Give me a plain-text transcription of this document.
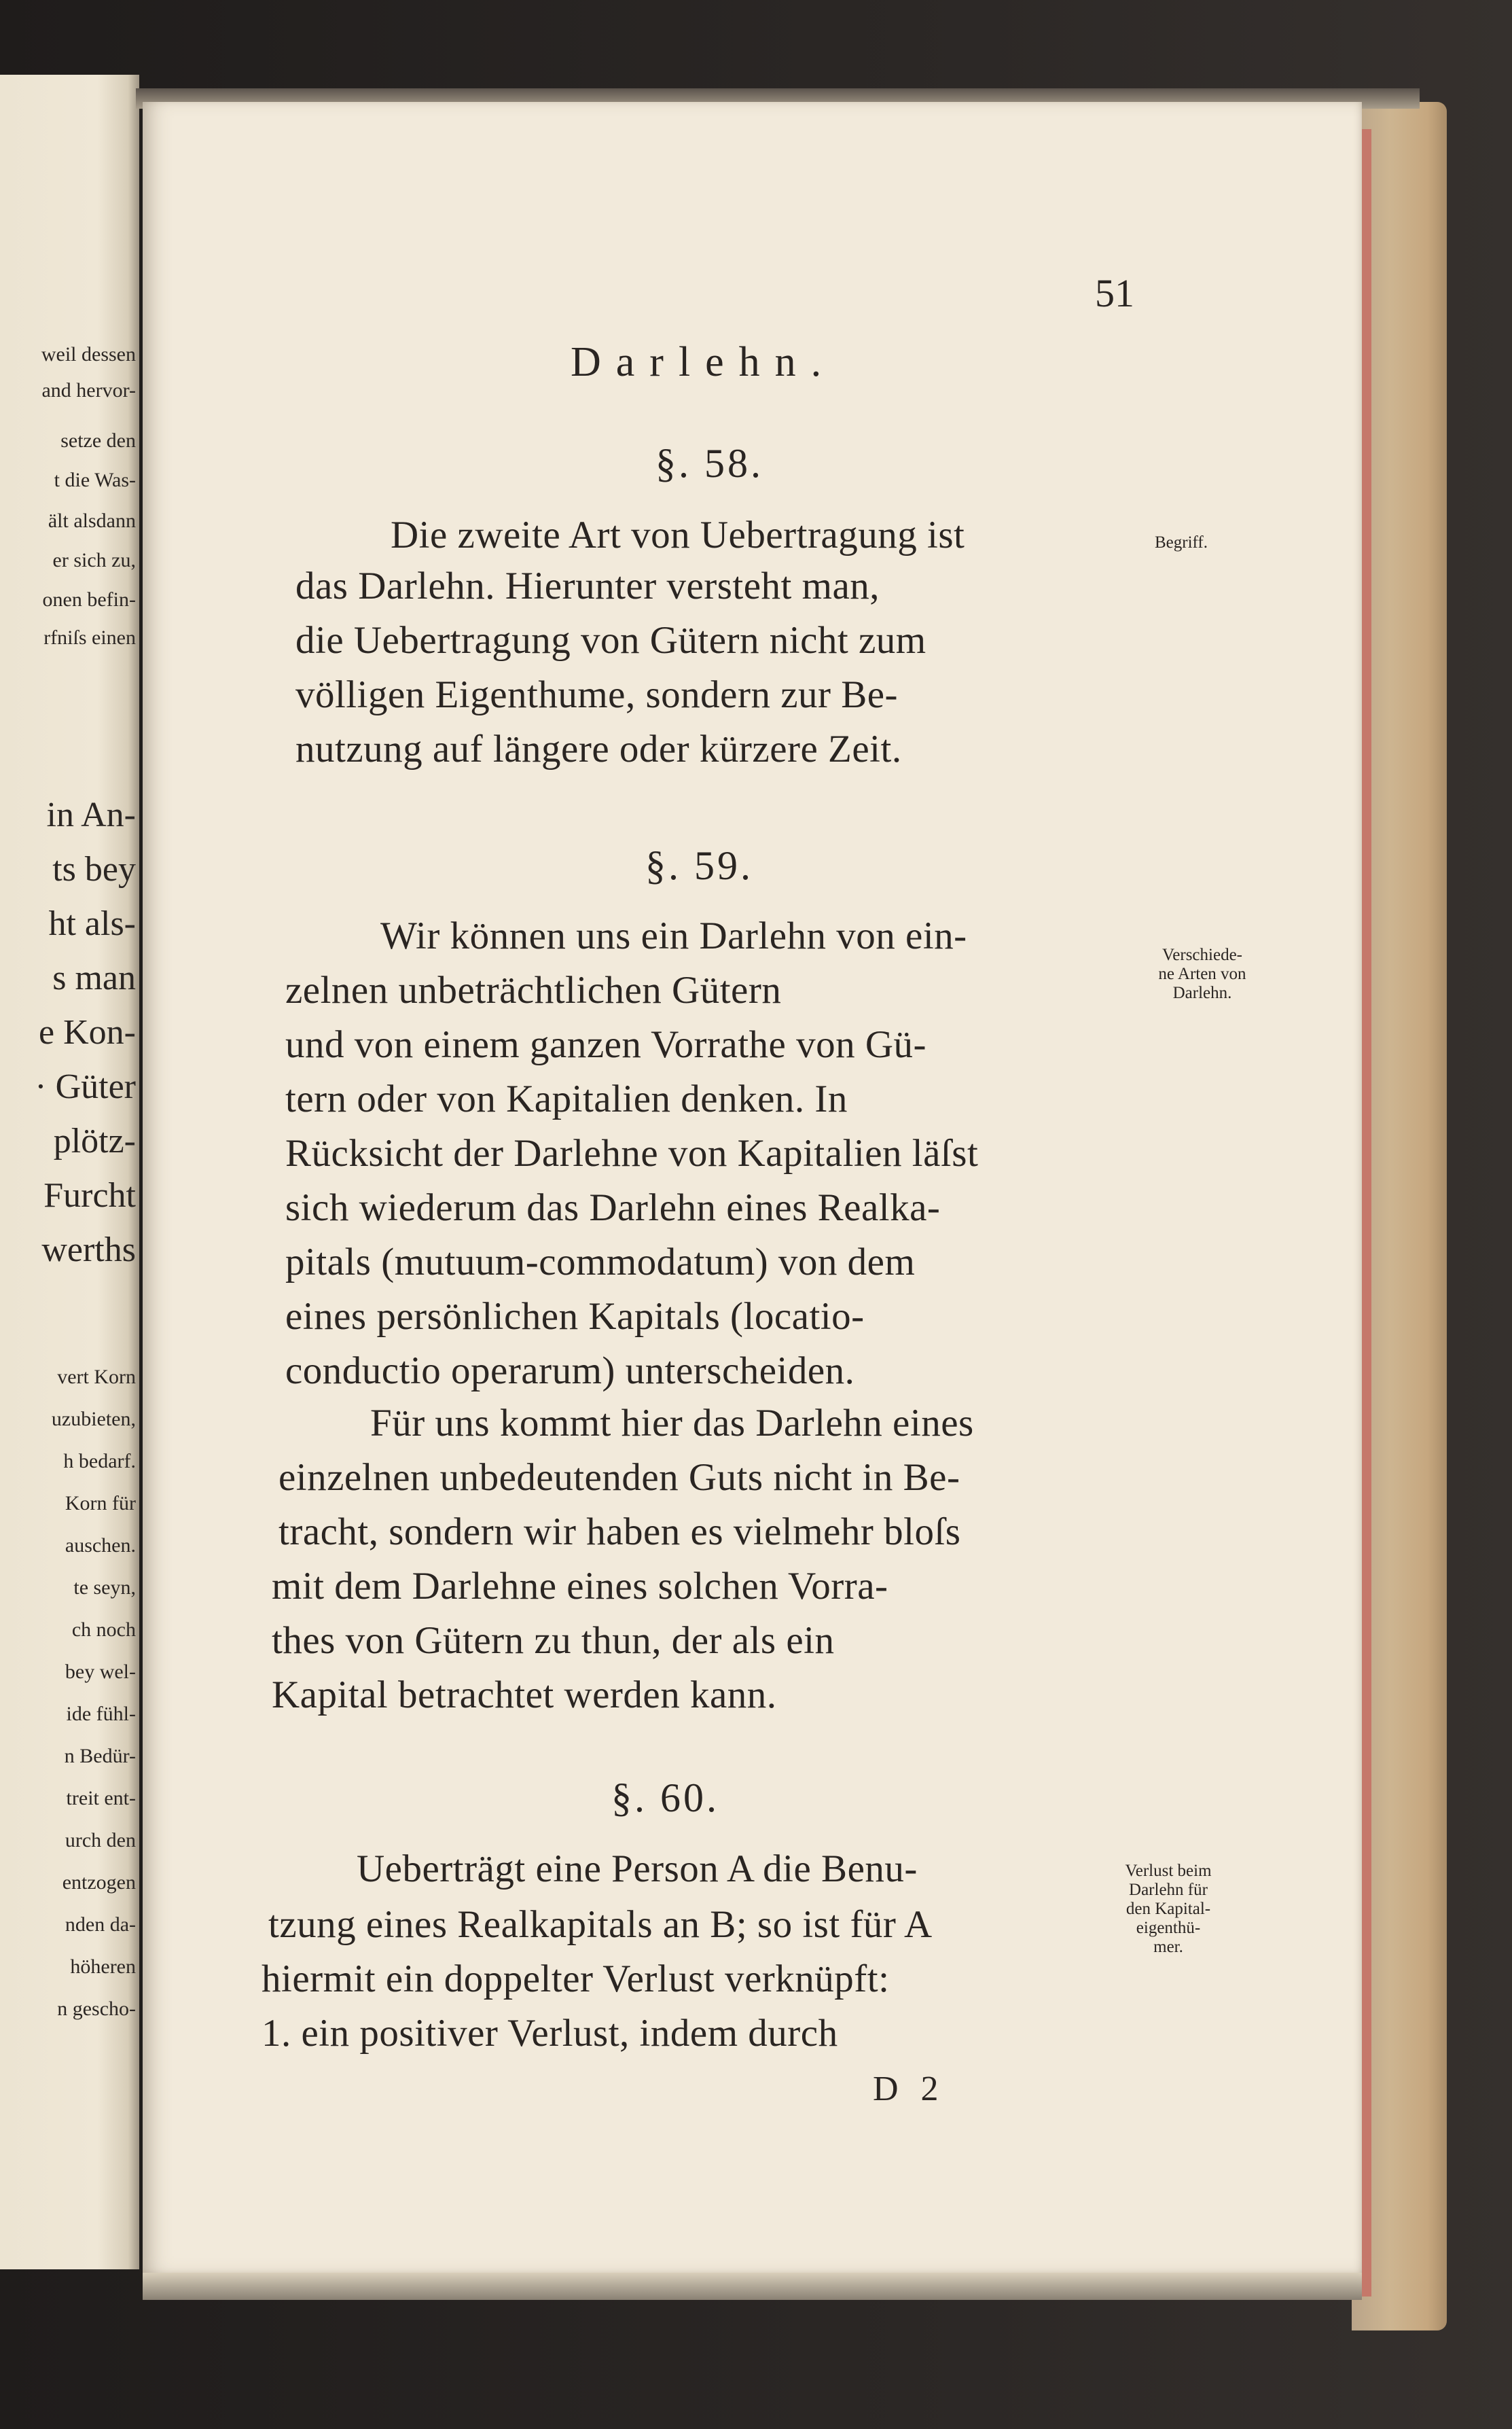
weil dessen
and hervor-
setze den
t die Was-
ält alsdann
er sich zu,
onen befin-
rfniſs einen
in An-
ts bey
ht als-
s man
e Kon-
· Güter
plötz-
Furcht
werths
vert Korn
uzubieten,
h bedarf.
Korn für
auschen.
te seyn,
ch noch
bey wel-
ide fühl-
n Bedür-
treit ent-
urch den
entzogen
nden da-
höheren
n gescho-
51
Darlehn.
§. 58.
Die zweite Art von Uebertragung ist
das Darlehn. Hierunter versteht man,
die Uebertragung von Gütern nicht zum
völligen Eigenthume, sondern zur Be-
nutzung auf längere oder kürzere Zeit.
Begriff.
§. 59.
Wir können uns ein Darlehn von ein-
zelnen unbeträchtlichen Gütern
und von einem ganzen Vorrathe von Gü-
tern oder von Kapitalien denken. In
Rücksicht der Darlehne von Kapitalien läſst
sich wiederum das Darlehn eines Realka-
pitals (mutuum-commodatum) von dem
eines persönlichen Kapitals (locatio-
conductio operarum) unterscheiden.
Für uns kommt hier das Darlehn eines
einzelnen unbedeutenden Guts nicht in Be-
tracht, sondern wir haben es vielmehr bloſs
mit dem Darlehne eines solchen Vorra-
thes von Gütern zu thun, der als ein
Kapital betrachtet werden kann.
Verschiede-
ne Arten von
Darlehn.
§. 60.
Ueberträgt eine Person A die Benu-
tzung eines Realkapitals an B; so ist für A
hiermit ein doppelter Verlust verknüpft:
1. ein positiver Verlust, indem durch
Verlust beim
Darlehn für
den Kapital-
eigenthü-
mer.
D 2
